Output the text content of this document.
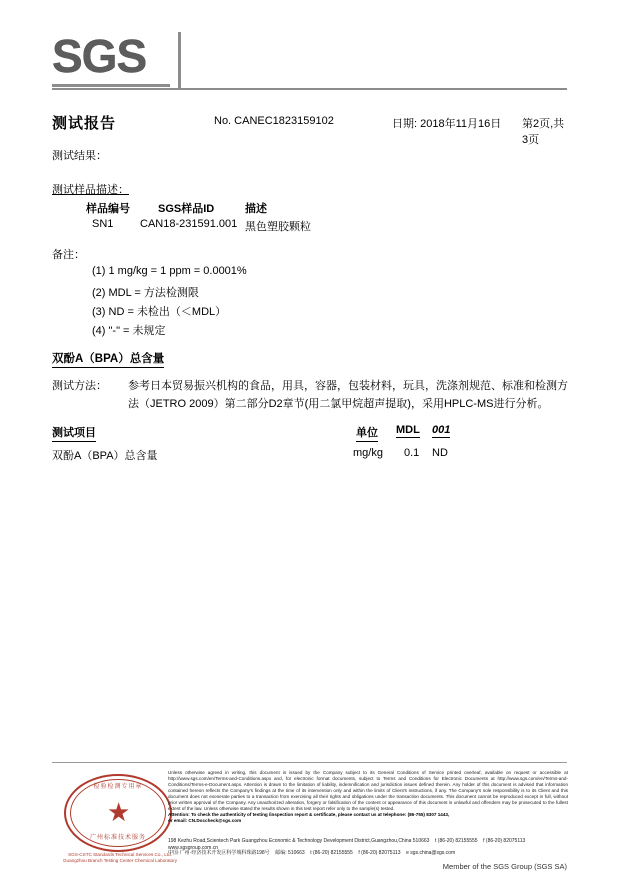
SGS
测试报告	No. CANEC1823159102	日期: 2018年11月16日 第2页,共3页
测试结果：
测试样品描述：
样品编号	SGS样品ID	描述
SN1 CAN18-231591.001 黑色塑胶颗粒
备注：
(1) 1 mg/kg = 1 ppm = 0.0001%
(2) MDL = 方法检测限
(3) ND = 未检出（＜MDL）
(4) "-" = 未规定
双酚A（BPA）总含量
测试方法： 参考日本贸易振兴机构的食品，用具，容器，包装材料，玩具，洗涤剂规范、标准和检测方
法（JETRO 2009）第二部分D2章节(用二氯甲烷超声提取)，采用HPLC-MS进行分析。
测试项目	单位 MDL 001
双酚A（BPA）总含量	mg/kg 0.1 ND
检验检测专用章
★
广州标准技术服务
SGS-CSTC Standards Technical Services Co., Ltd.
Guangzhou Branch Testing Center Chemical Laboratory
Unless otherwise agreed in writing, this document is issued by the Company subject to its General Conditions of Service printed overleaf, available on request or accessible at http://www.sgs.com/en/Terms-and-Conditions.aspx and, for electronic format documents, subject to Terms and Conditions for Electronic Documents at http://www.sgs.com/en/Terms-and-Conditions/Terms-e-Document.aspx. Attention is drawn to the limitation of liability, indemnification and jurisdiction issues defined therein. Any holder of this document is advised that information contained hereon reflects the Company's findings at the time of its intervention only and within the limits of Client's instructions, if any. The Company's sole responsibility is to its Client and this document does not exonerate parties to a transaction from exercising all their rights and obligations under the transaction documents. This document cannot be reproduced except in full, without prior written approval of the Company. Any unauthorized alteration, forgery or falsification of the content or appearance of this document is unlawful and offenders may be prosecuted to the fullest extent of the law. Unless otherwise stated the results shown in this test report refer only to the sample(s) tested.
Attention: To check the authenticity of testing /inspection report & certificate, please contact us at telephone: (86-755) 8307 1443,
or email: CN.Doccheck@sgs.com
198 Kezhu Road,Scientech Park Guangzhou Economic & Technology Development District,Guangzhou,China 510663 t (86-20) 82155555 f (86-20) 82075113    www.sgsgroup.com.cn
中国·广州·经济技术开发区科学城科珠路198号 邮编: 510663 t (86-20) 82155555 f (86-20) 82075113 e sgs.china@sgs.com
Member of the SGS Group (SGS SA)
